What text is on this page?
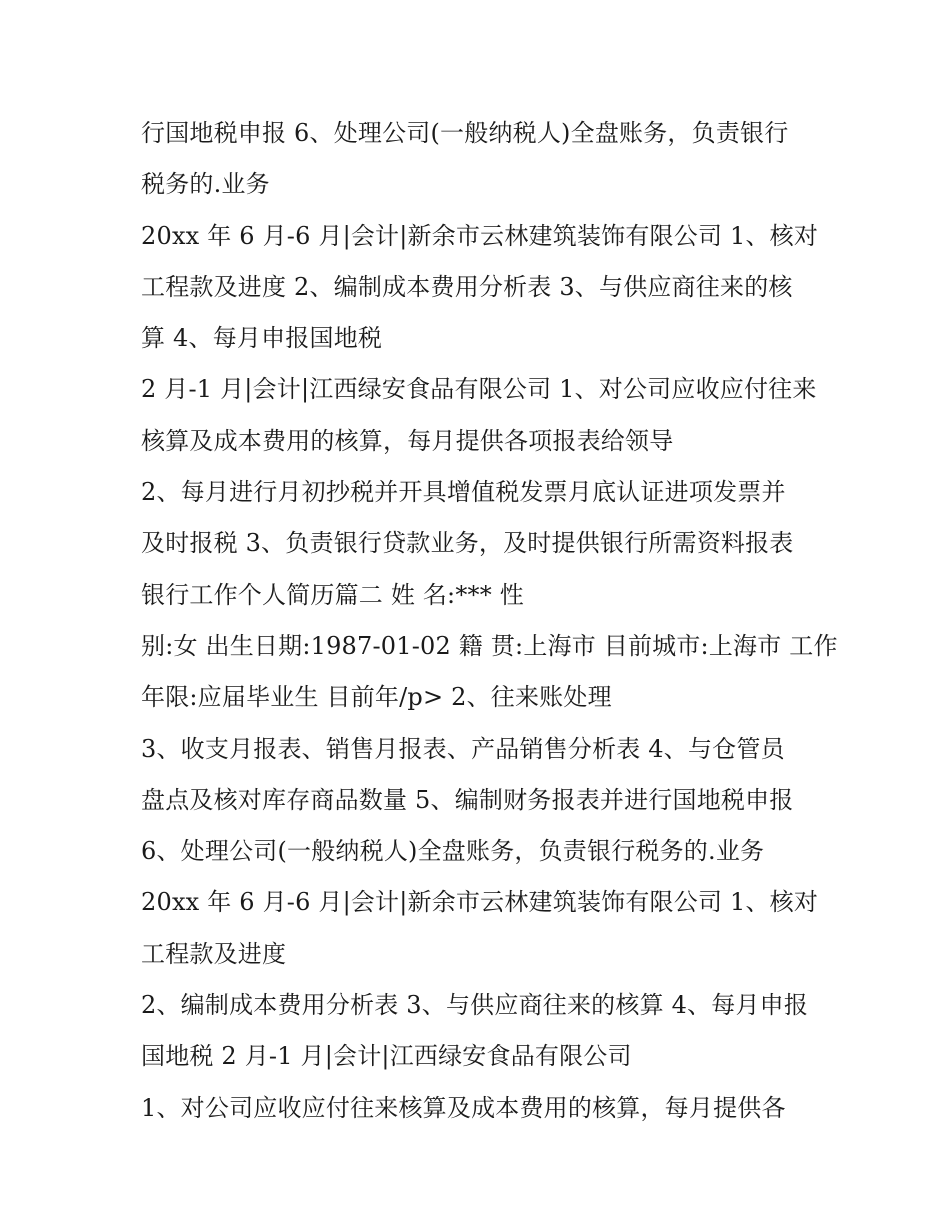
行国地税申报 6、处理公司(一般纳税人)全盘账务，负责银行
税务的.业务
20xx 年 6 月-6 月|会计|新余市云林建筑装饰有限公司 1、核对
工程款及进度 2、编制成本费用分析表 3、与供应商往来的核
算 4、每月申报国地税
2 月-1 月|会计|江西绿安食品有限公司 1、对公司应收应付往来
核算及成本费用的核算，每月提供各项报表给领导
2、每月进行月初抄税并开具增值税发票月底认证进项发票并
及时报税 3、负责银行贷款业务，及时提供银行所需资料报表
银行工作个人简历篇二 姓 名:*** 性
别:女 出生日期:1987-01-02 籍 贯:上海市 目前城市:上海市 工作
年限:应届毕业生 目前年/p> 2、往来账处理
3、收支月报表、销售月报表、产品销售分析表 4、与仓管员
盘点及核对库存商品数量 5、编制财务报表并进行国地税申报
6、处理公司(一般纳税人)全盘账务，负责银行税务的.业务
20xx 年 6 月-6 月|会计|新余市云林建筑装饰有限公司 1、核对
工程款及进度
2、编制成本费用分析表 3、与供应商往来的核算 4、每月申报
国地税 2 月-1 月|会计|江西绿安食品有限公司
1、对公司应收应付往来核算及成本费用的核算，每月提供各
